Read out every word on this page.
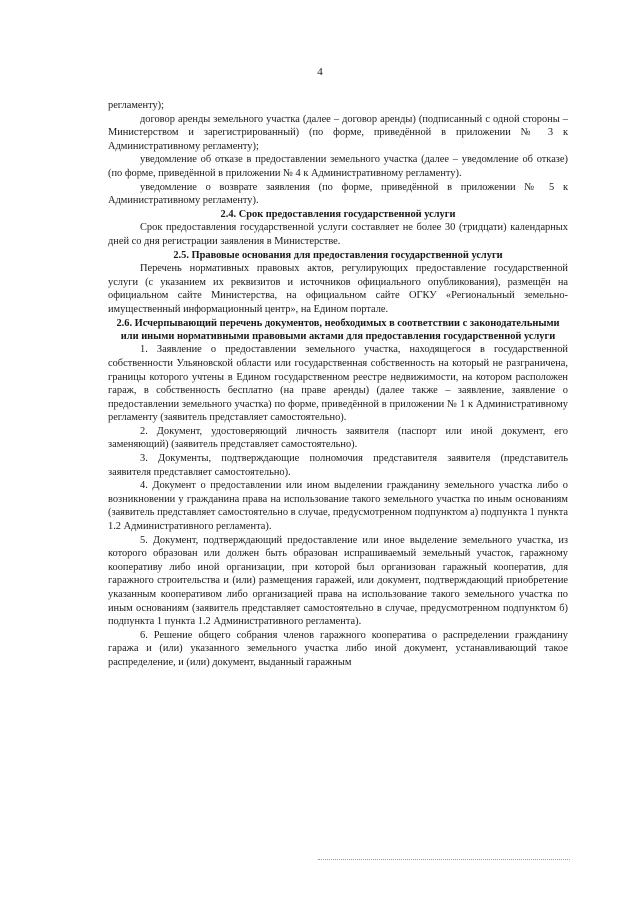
4

регламенту);

договор аренды земельного участка (далее – договор аренды) (подписанный с одной стороны – Министерством и зарегистрированный) (по форме, приведённой в приложении № 3 к Административному регламенту);

уведомление об отказе в предоставлении земельного участка (далее – уведомление об отказе) (по форме, приведённой в приложении № 4 к Административному регламенту).

уведомление о возврате заявления (по форме, приведённой в приложении № 5 к Административному регламенту).

2.4. Срок предоставления государственной услуги

Срок предоставления государственной услуги составляет не более 30 (тридцати) календарных дней со дня регистрации заявления в Министерстве.

2.5. Правовые основания для предоставления государственной услуги

Перечень нормативных правовых актов, регулирующих предоставление государственной услуги (с указанием их реквизитов и источников официального опубликования), размещён на официальном сайте Министерства, на официальном сайте ОГКУ «Региональный земельно-имущественный информационный центр», на Едином портале.

2.6. Исчерпывающий перечень документов, необходимых в соответствии с законодательными или иными нормативными правовыми актами для предоставления государственной услуги

1. Заявление о предоставлении земельного участка, находящегося в государственной собственности Ульяновской области или государственная собственность на который не разграничена, границы которого учтены в Едином государственном реестре недвижимости, на котором расположен гараж, в собственность бесплатно (на праве аренды) (далее также – заявление, заявление о предоставлении земельного участка) по форме, приведённой в приложении № 1 к Административному регламенту (заявитель представляет самостоятельно).

2. Документ, удостоверяющий личность заявителя (паспорт или иной документ, его заменяющий) (заявитель представляет самостоятельно).

3. Документы, подтверждающие полномочия представителя заявителя (представитель заявителя представляет самостоятельно).

4. Документ о предоставлении или ином выделении гражданину земельного участка либо о возникновении у гражданина права на использование такого земельного участка по иным основаниям (заявитель представляет самостоятельно в случае, предусмотренном подпунктом а) подпункта 1 пункта 1.2 Административного регламента).

5. Документ, подтверждающий предоставление или иное выделение земельного участка, из которого образован или должен быть образован испрашиваемый земельный участок, гаражному кооперативу либо иной организации, при которой был организован гаражный кооператив, для гаражного строительства и (или) размещения гаражей, или документ, подтверждающий приобретение указанным кооперативом либо организацией права на использование такого земельного участка по иным основаниям (заявитель представляет самостоятельно в случае, предусмотренном подпунктом б) подпункта 1 пункта 1.2 Административного регламента).

6. Решение общего собрания членов гаражного кооператива о распределении гражданину гаража и (или) указанного земельного участка либо иной документ, устанавливающий такое распределение, и (или) документ, выданный гаражным
